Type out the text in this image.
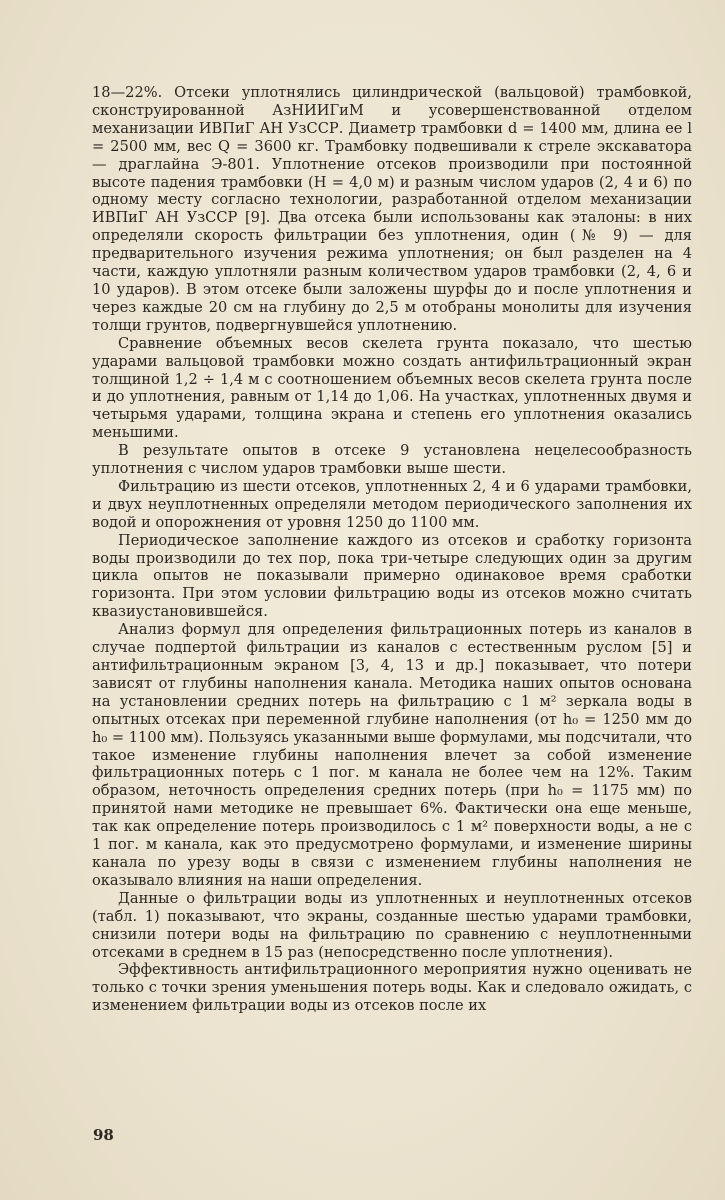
18—22%. Отсеки уплотнялись цилиндрической (вальцовой) трамбовкой, сконструированной АзНИИГиМ и усовершенствованной отделом механизации ИВПиГ АН УзССР. Диаметр трамбовки d = 1400 мм, длина ее l = 2500 мм, вес Q = 3600 кг. Трамбовку подвешивали к стреле экскаватора — драглайна Э-801. Уплотнение отсеков производили при постоянной высоте падения трамбовки (H = 4,0 м) и разным числом ударов (2, 4 и 6) по одному месту согласно технологии, разработанной отделом механизации ИВПиГ АН УзССР [9]. Два отсека были использованы как эталоны: в них определяли скорость фильтрации без уплотнения, один (№ 9) — для предварительного изучения режима уплотнения; он был разделен на 4 части, каждую уплотняли разным количеством ударов трамбовки (2, 4, 6 и 10 ударов). В этом отсеке были заложены шурфы до и после уплотнения и через каждые 20 см на глубину до 2,5 м отобраны монолиты для изучения толщи грунтов, подвергнувшейся уплотнению.

Сравнение объемных весов скелета грунта показало, что шестью ударами вальцовой трамбовки можно создать антифильтрационный экран толщиной 1,2 ÷ 1,4 м с соотношением объемных весов скелета грунта после и до уплотнения, равным от 1,14 до 1,06. На участках, уплотненных двумя и четырьмя ударами, толщина экрана и степень его уплотнения оказались меньшими.

В результате опытов в отсеке 9 установлена нецелесообразность уплотнения с числом ударов трамбовки выше шести.

Фильтрацию из шести отсеков, уплотненных 2, 4 и 6 ударами трамбовки, и двух неуплотненных определяли методом периодического заполнения их водой и опорожнения от уровня 1250 до 1100 мм.

Периодическое заполнение каждого из отсеков и сработку горизонта воды производили до тех пор, пока три-четыре следующих один за другим цикла опытов не показывали примерно одинаковое время сработки горизонта. При этом условии фильтрацию воды из отсеков можно считать квазиустановившейся.

Анализ формул для определения фильтрационных потерь из каналов в случае подпертой фильтрации из каналов с естественным руслом [5] и антифильтрационным экраном [3, 4, 13 и др.] показывает, что потери зависят от глубины наполнения канала. Методика наших опытов основана на установлении средних потерь на фильтрацию с 1 м² зеркала воды в опытных отсеках при переменной глубине наполнения (от h₀ = 1250 мм до h₀ = 1100 мм). Пользуясь указанными выше формулами, мы подсчитали, что такое изменение глубины наполнения влечет за собой изменение фильтрационных потерь с 1 пог. м канала не более чем на 12%. Таким образом, неточность определения средних потерь (при h₀ = 1175 мм) по принятой нами методике не превышает 6%. Фактически она еще меньше, так как определение потерь производилось с 1 м² поверхности воды, а не с 1 пог. м канала, как это предусмотрено формулами, и изменение ширины канала по урезу воды в связи с изменением глубины наполнения не оказывало влияния на наши определения.

Данные о фильтрации воды из уплотненных и неуплотненных отсеков (табл. 1) показывают, что экраны, созданные шестью ударами трамбовки, снизили потери воды на фильтрацию по сравнению с неуплотненными отсеками в среднем в 15 раз (непосредственно после уплотнения).

Эффективность антифильтрационного мероприятия нужно оценивать не только с точки зрения уменьшения потерь воды. Как и следовало ожидать, с изменением фильтрации воды из отсеков после их

98
